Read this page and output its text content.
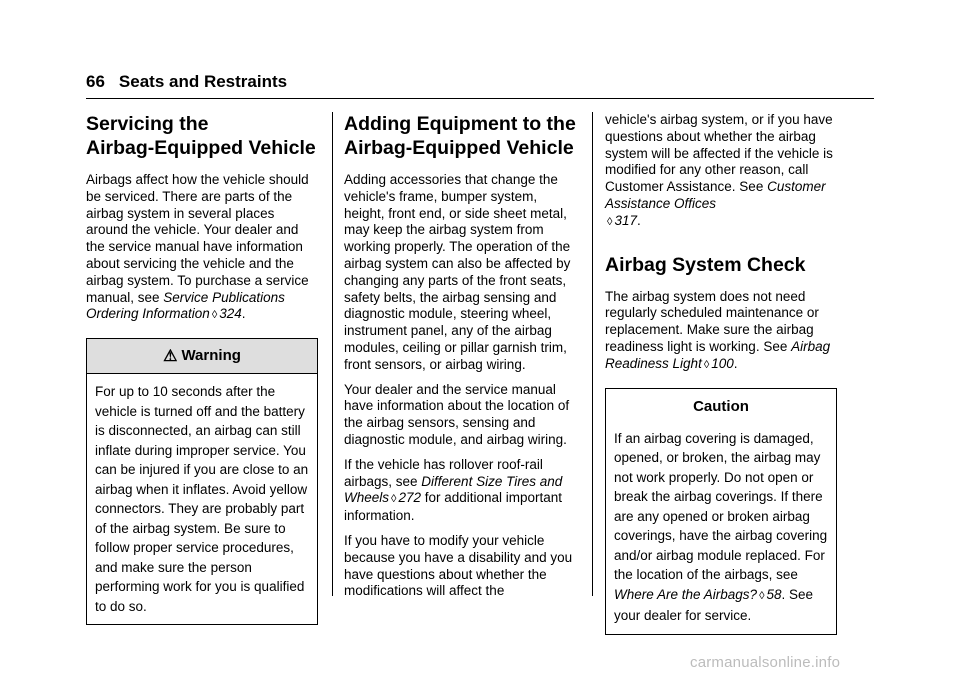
66 Seats and Restraints
Servicing the
Airbag-Equipped Vehicle

Airbags affect how the vehicle should be serviced. There are parts of the airbag system in several places around the vehicle. Your dealer and the service manual have information about servicing the vehicle and the airbag system. To purchase a service manual, see Service Publications Ordering Information ◊ 324.

⚠ Warning

For up to 10 seconds after the vehicle is turned off and the battery is disconnected, an airbag can still inflate during improper service. You can be injured if you are close to an airbag when it inflates. Avoid yellow connectors. They are probably part of the airbag system. Be sure to follow proper service procedures, and make sure the person performing work for you is qualified to do so.

Adding Equipment to the
Airbag-Equipped Vehicle

Adding accessories that change the vehicle's frame, bumper system, height, front end, or side sheet metal, may keep the airbag system from working properly. The operation of the airbag system can also be affected by changing any parts of the front seats, safety belts, the airbag sensing and diagnostic module, steering wheel, instrument panel, any of the airbag modules, ceiling or pillar garnish trim, front sensors, or airbag wiring.

Your dealer and the service manual have information about the location of the airbag sensors, sensing and diagnostic module, and airbag wiring.

If the vehicle has rollover roof-rail airbags, see Different Size Tires and Wheels ◊ 272 for additional important information.

If you have to modify your vehicle because you have a disability and you have questions about whether the modifications will affect the

vehicle's airbag system, or if you have questions about whether the airbag system will be affected if the vehicle is modified for any other reason, call Customer Assistance. See Customer Assistance Offices
◊ 317.

Airbag System Check

The airbag system does not need regularly scheduled maintenance or replacement. Make sure the airbag readiness light is working. See Airbag Readiness Light ◊ 100.

Caution

If an airbag covering is damaged, opened, or broken, the airbag may not work properly. Do not open or break the airbag coverings. If there are any opened or broken airbag coverings, have the airbag covering and/or airbag module replaced. For the location of the airbags, see Where Are the Airbags? ◊ 58. See your dealer for service.

carmanualsonline.info
